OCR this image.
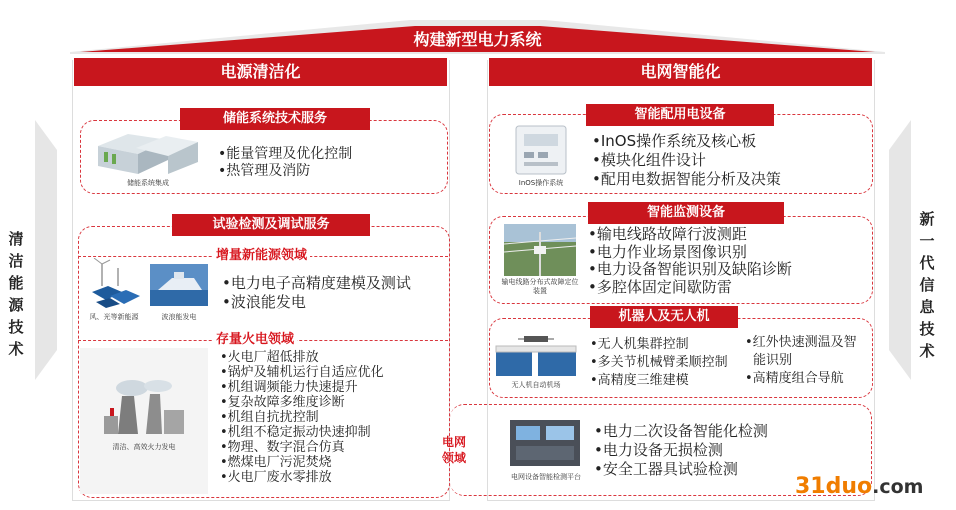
构建新型电力系统
清洁能源技术
新一代信息技术
电源清洁化	电网智能化
储能系统技术服务
储能系统集成
•能量管理及优化控制
•热管理及消防
试验检测及调试服务
增量新能源领域
风、光等新能源	波浪能发电
•电力电子高精度建模及测试
•波浪能发电
存量火电领域
清洁、高效火力发电
•火电厂超低排放
•锅炉及辅机运行自适应优化
•机组调频能力快速提升
•复杂故障多维度诊断
•机组自抗扰控制
•机组不稳定振动快速抑制
•物理、数字混合仿真
•燃煤电厂污泥焚烧
•火电厂废水零排放
智能配用电设备
InOS操作系统
•InOS操作系统及核心板
•模块化组件设计
•配用电数据智能分析及决策
智能监测设备
输电线路分布式故障定位装置
•输电线路故障行波测距
•电力作业场景图像识别
•电力设备智能识别及缺陷诊断
•多腔体固定间歇防雷
机器人及无人机
无人机自动机场
•无人机集群控制
•多关节机械臂柔顺控制
•高精度三维建模
•红外快速测温及智
能识别
•高精度组合导航
电网领域
电网设备智能检测平台
•电力二次设备智能化检测
•电力设备无损检测
•安全工器具试验检测
31duo.com
